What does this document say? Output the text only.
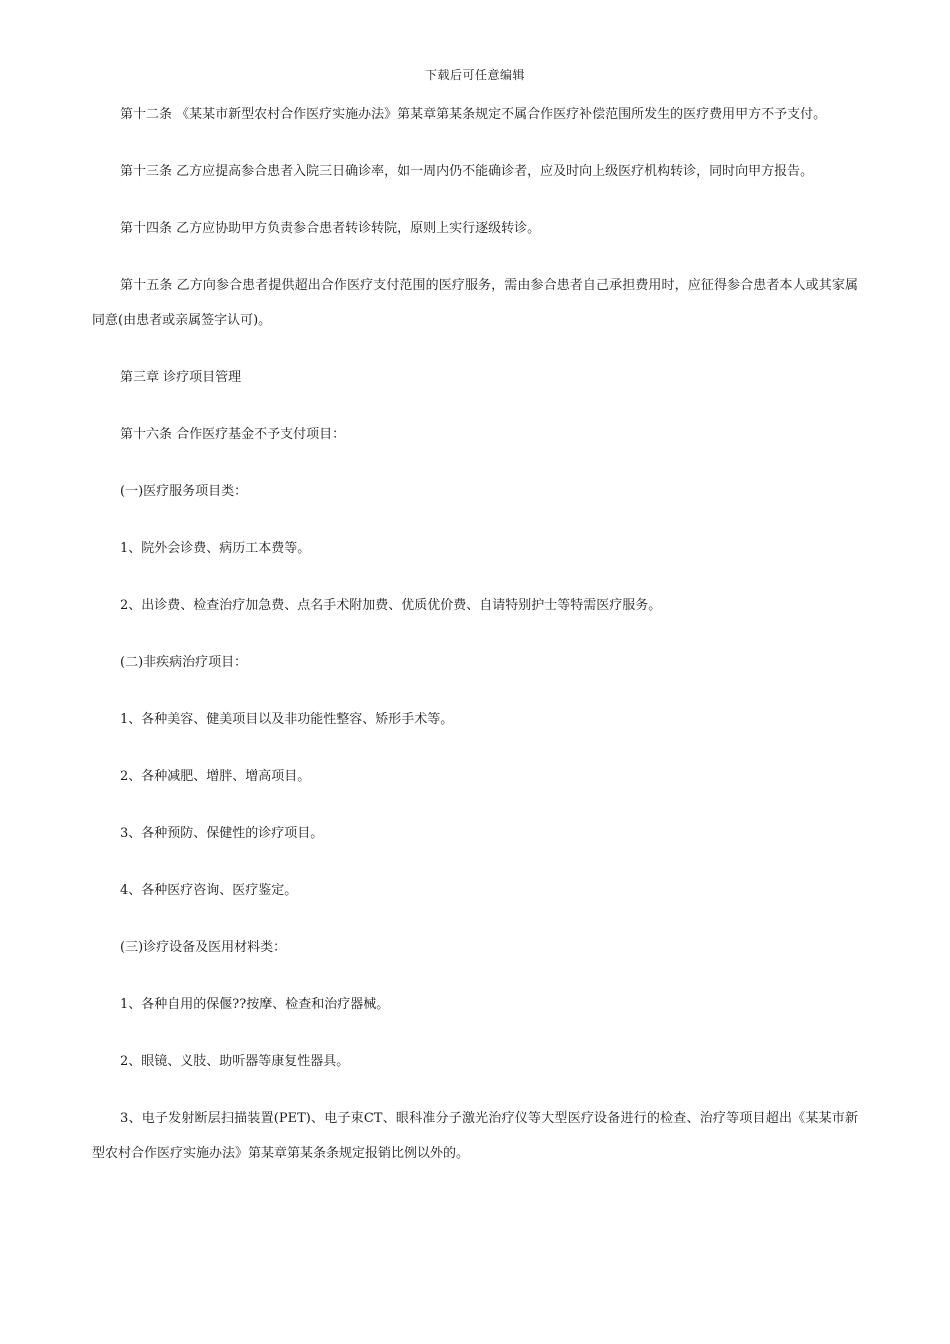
下载后可任意编辑

第十二条 《某某市新型农村合作医疗实施办法》第某章第某条规定不属合作医疗补偿范围所发生的医疗费用甲方不予支付。

第十三条 乙方应提高参合患者入院三日确诊率，如一周内仍不能确诊者，应及时向上级医疗机构转诊，同时向甲方报告。

第十四条 乙方应协助甲方负责参合患者转诊转院，原则上实行逐级转诊。

第十五条 乙方向参合患者提供超出合作医疗支付范围的医疗服务，需由参合患者自己承担费用时，应征得参合患者本人或其家属同意(由患者或亲属签字认可)。

第三章 诊疗项目管理

第十六条 合作医疗基金不予支付项目：

(一)医疗服务项目类：

1、院外会诊费、病历工本费等。

2、出诊费、检查治疗加急费、点名手术附加费、优质优价费、自请特别护士等特需医疗服务。

(二)非疾病治疗项目：

1、各种美容、健美项目以及非功能性整容、矫形手术等。

2、各种减肥、增胖、增高项目。

3、各种预防、保健性的诊疗项目。

4、各种医疗咨询、医疗鉴定。

(三)诊疗设备及医用材料类：

1、各种自用的保偃??按摩、检查和治疗器械。

2、眼镜、义肢、助听器等康复性器具。

3、电子发射断层扫描装置(PET)、电子束CT、眼科准分子激光治疗仪等大型医疗设备进行的检查、治疗等项目超出《某某市新型农村合作医疗实施办法》第某章第某条条规定报销比例以外的。
